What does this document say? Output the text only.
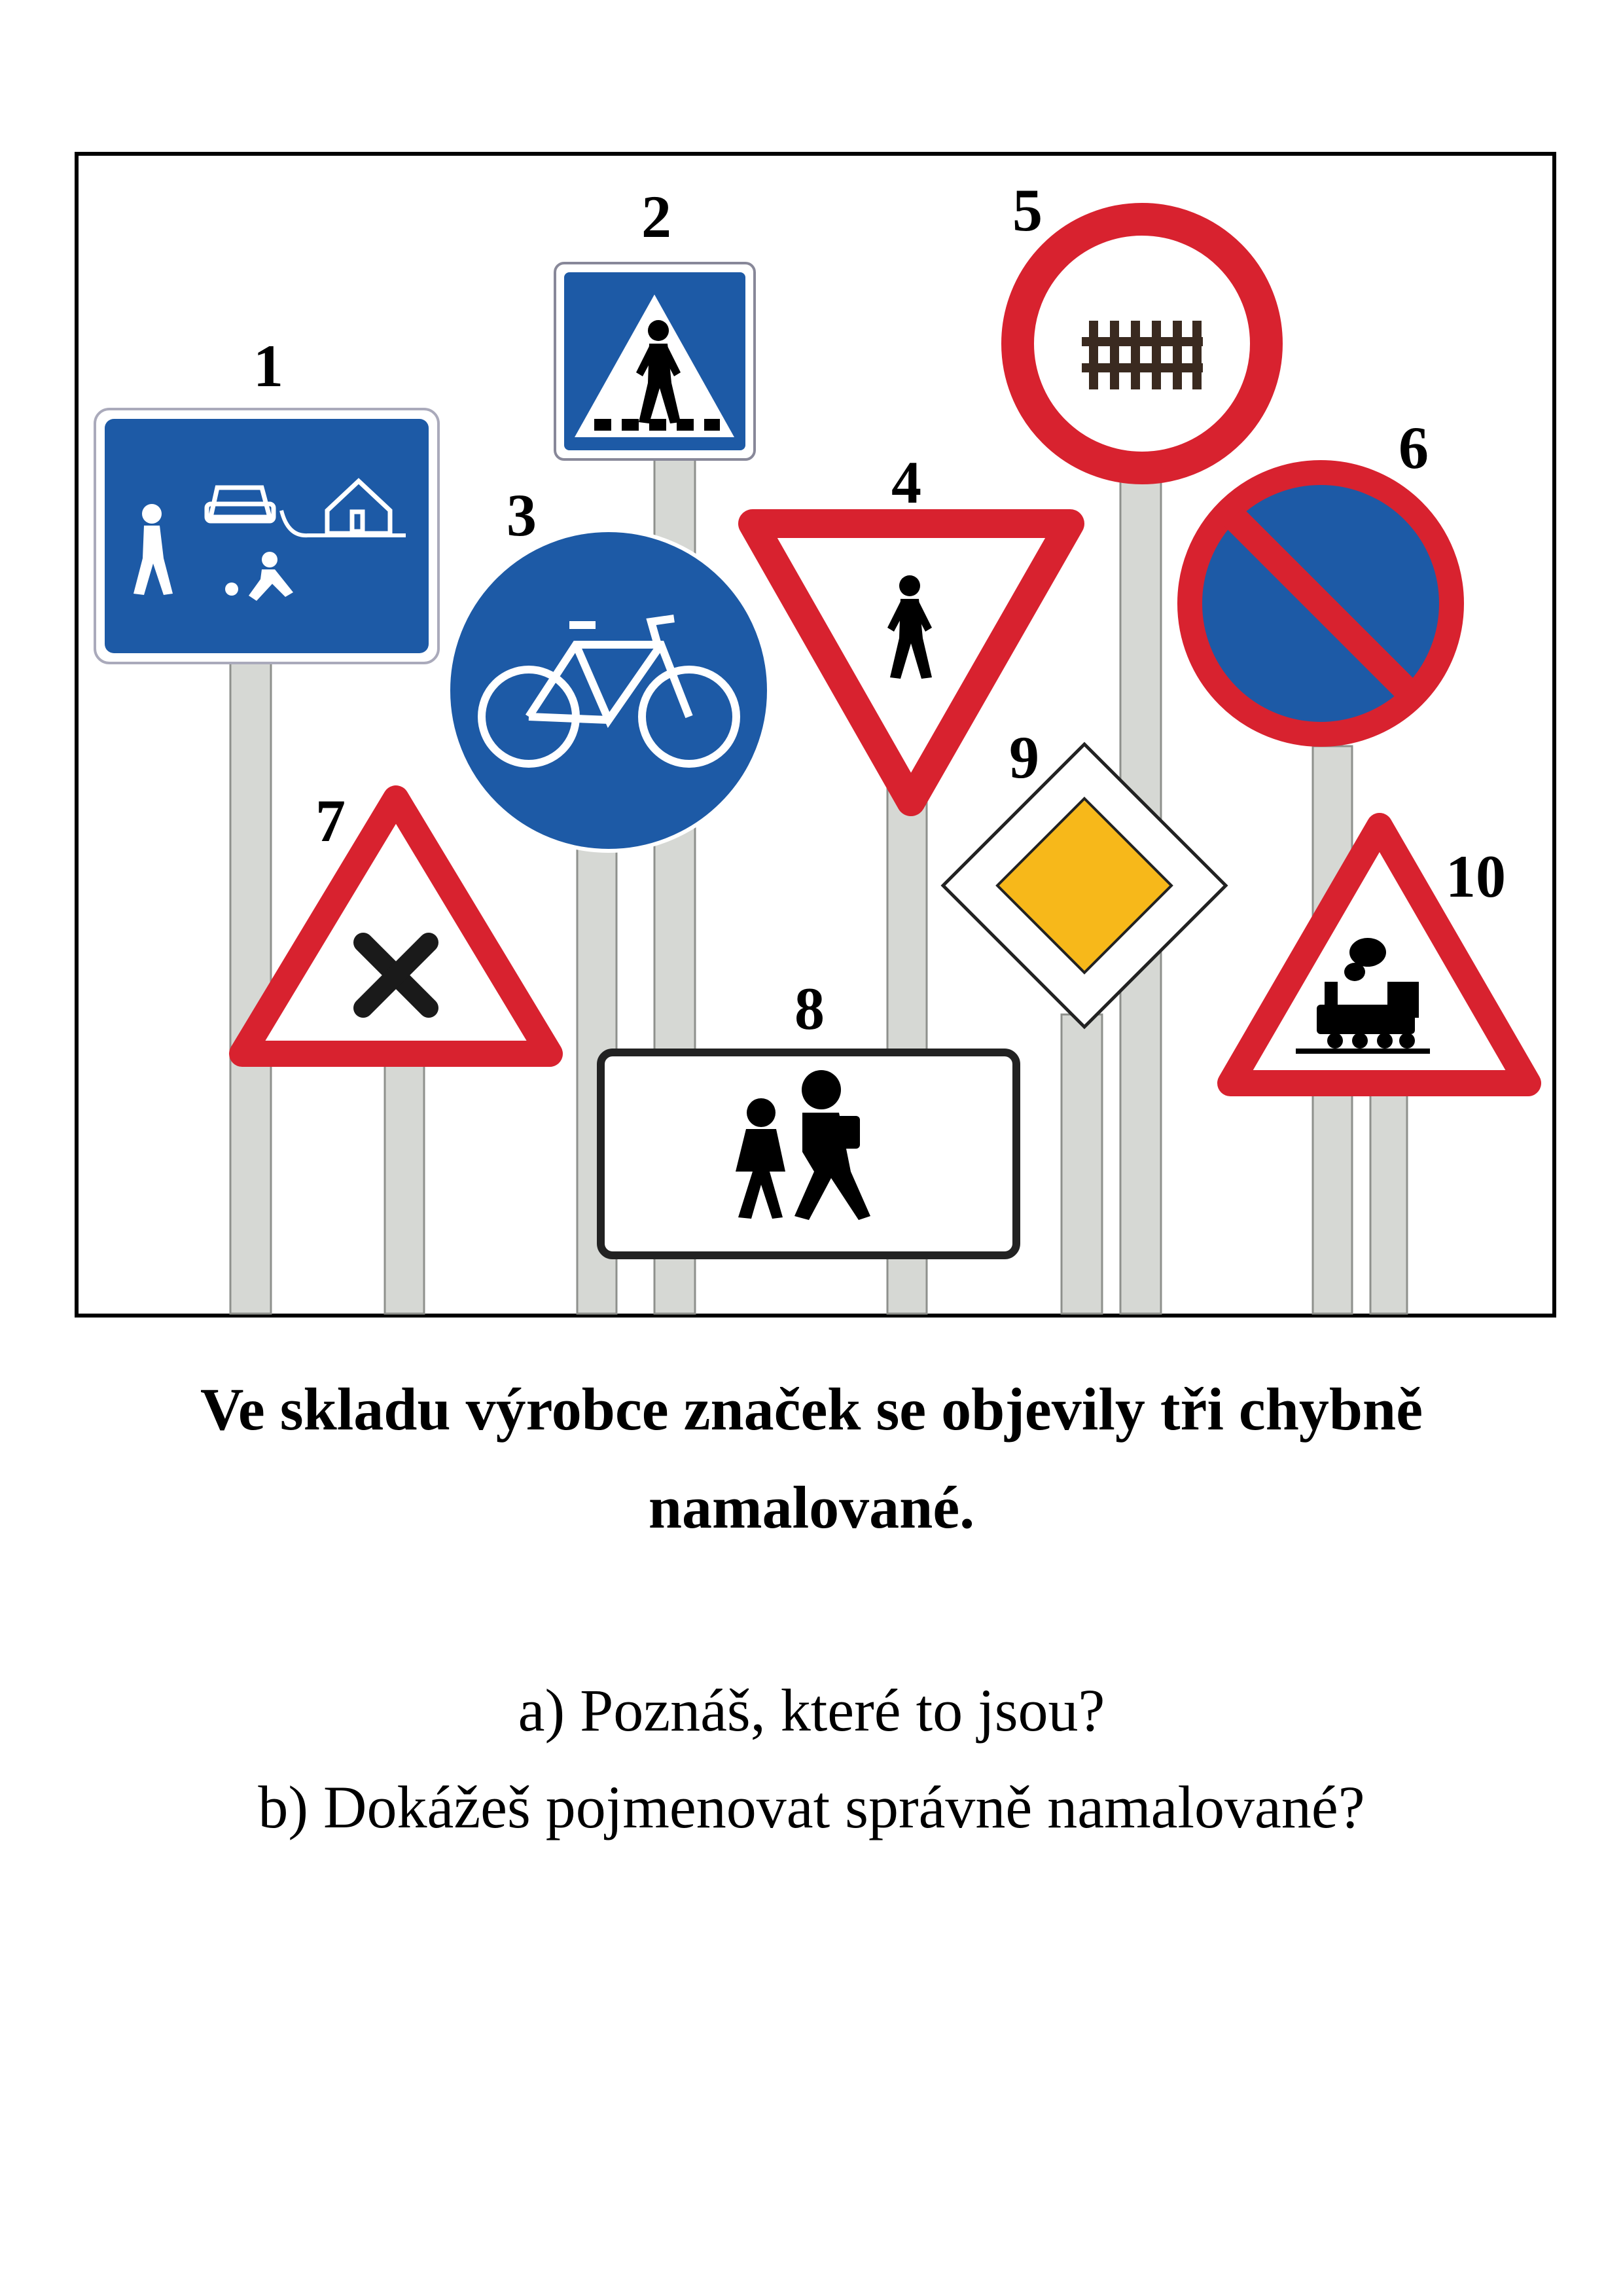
1
2
3	4
5
6
7
8
9
10
Ve skladu výrobce značek se objevily tři chybně
namalované.
a) Poznáš, které to jsou?
b) Dokážeš pojmenovat správně namalované?
